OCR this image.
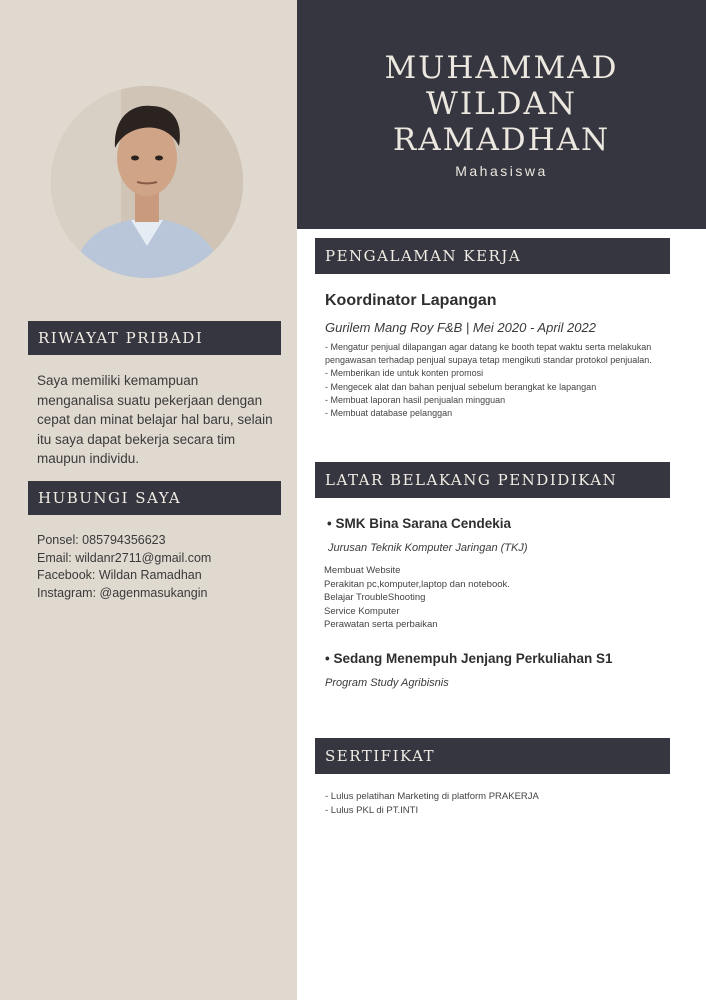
MUHAMMAD
WILDAN
RAMADHAN
Mahasiswa
RIWAYAT PRIBADI
Saya memiliki kemampuan menganalisa suatu pekerjaan dengan cepat dan minat belajar hal baru, selain itu saya dapat bekerja secara tim maupun individu.
HUBUNGI SAYA
Ponsel: 085794356623
Email: wildanr2711@gmail.com
Facebook: Wildan Ramadhan
Instagram: @agenmasukangin
PENGALAMAN KERJA
Koordinator Lapangan
Gurilem Mang Roy F&B | Mei 2020 - April 2022
- Mengatur penjual dilapangan agar datang ke booth tepat waktu serta melakukan pengawasan terhadap penjual supaya tetap mengikuti standar protokol penjualan.
- Memberikan ide untuk konten promosi
- Mengecek alat dan bahan penjual sebelum berangkat ke lapangan
- Membuat laporan hasil penjualan mingguan
- Membuat database pelanggan
LATAR BELAKANG PENDIDIKAN
• SMK Bina Sarana Cendekia
Jurusan Teknik Komputer Jaringan (TKJ)
Membuat Website
Perakitan pc,komputer,laptop dan notebook.
Belajar TroubleShooting
Service Komputer
Perawatan serta perbaikan
• Sedang Menempuh Jenjang Perkuliahan S1
Program Study Agribisnis
SERTIFIKAT
- Lulus pelatihan Marketing di platform PRAKERJA
- Lulus PKL di PT.INTI
